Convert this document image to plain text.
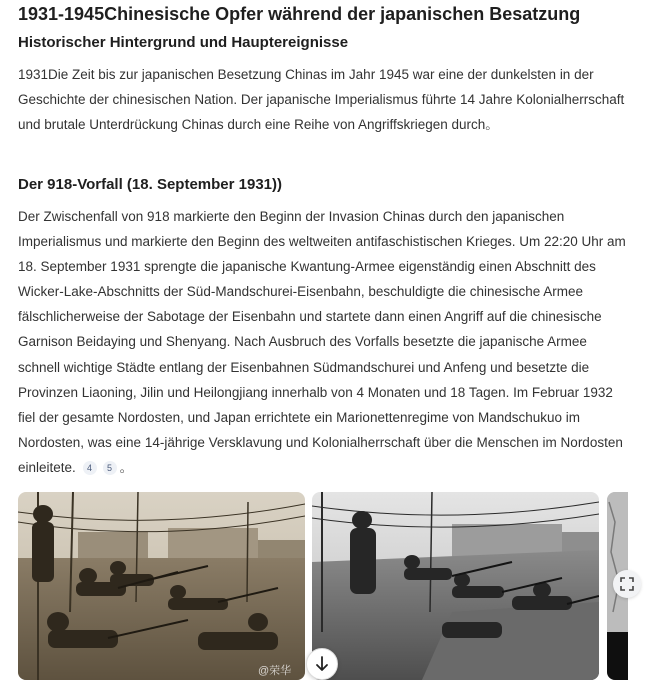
1931-1945Chinesische Opfer während der japanischen Besatzung
Historischer Hintergrund und Hauptereignisse

1931Die Zeit bis zur japanischen Besetzung Chinas im Jahr 1945 war eine der dunkelsten in der Geschichte der chinesischen Nation. Der japanische Imperialismus führte 14 Jahre Kolonialherrschaft und brutale Unterdrückung Chinas durch eine Reihe von Angriffskriegen durch。

Der 918-Vorfall (18. September 1931))

Der Zwischenfall von 918 markierte den Beginn der Invasion Chinas durch den japanischen Imperialismus und markierte den Beginn des weltweiten antifaschistischen Krieges. Um 22:20 Uhr am 18. September 1931 sprengte die japanische Kwantung-Armee eigenständig einen Abschnitt des Wicker-Lake-Abschnitts der Süd-Mandschurei-Eisenbahn, beschuldigte die chinesische Armee fälschlicherweise der Sabotage der Eisenbahn und startete dann einen Angriff auf die chinesische Garnison Beidaying und Shenyang. Nach Ausbruch des Vorfalls besetzte die japanische Armee schnell wichtige Städte entlang der Eisenbahnen Südmandschurei und Anfeng und besetzte die Provinzen Liaoning, Jilin und Heilongjiang innerhalb von 4 Monaten und 18 Tagen. Im Februar 1932 fiel der gesamte Nordosten, und Japan errichtete ein Marionettenregime von Mandschukuo im Nordosten, was eine 14-jährige Versklavung und Kolonialherrschaft über die Menschen im Nordosten einleitete. 4 5 。

@荣华
